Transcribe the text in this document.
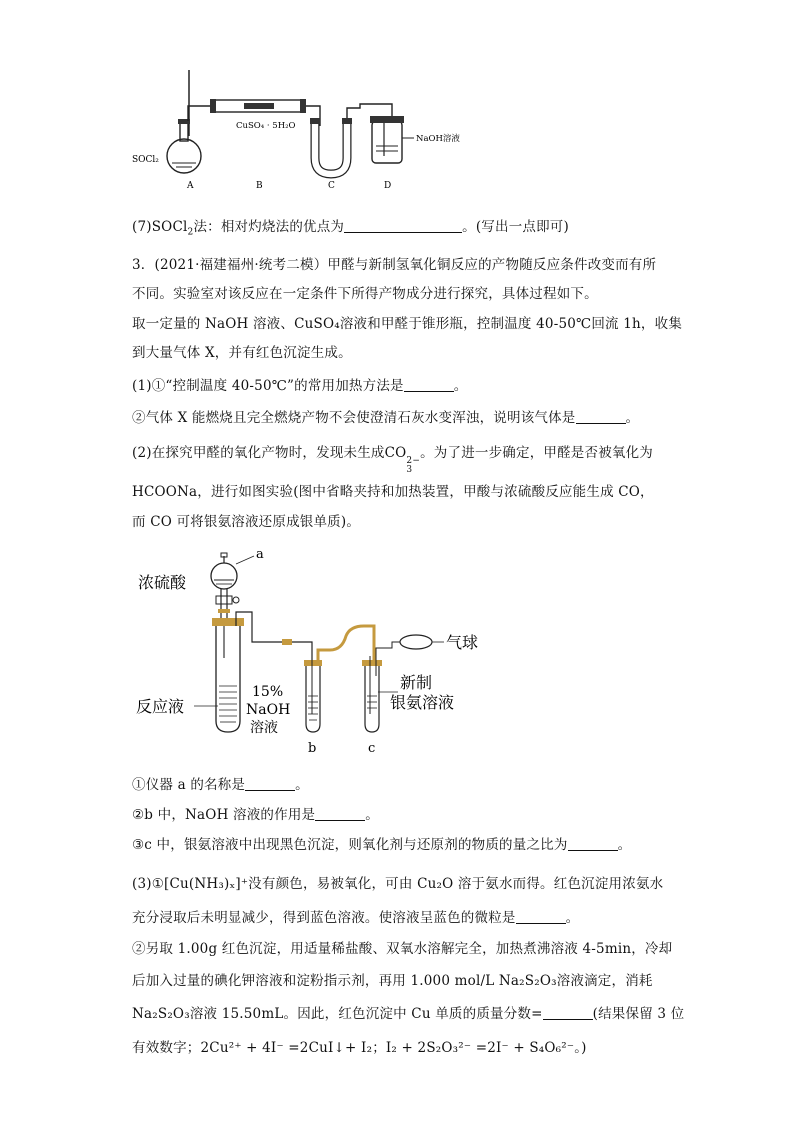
SOCl₂
CuSO₄ · 5H₂O
NaOH溶液
A	B	C	D
(7)SOCl$_2$法：相对灼烧法的优点为	。(写出一点即可)
3．(2021·福建福州·统考二模）甲醛与新制氢氧化铜反应的产物随反应条件改变而有所
不同。实验室对该反应在一定条件下所得产物成分进行探究，具体过程如下。
取一定量的 NaOH 溶液、CuSO₄溶液和甲醛于锥形瓶，控制温度 40-50℃回流 1h，收集
到大量气体 X，并有红色沉淀生成。
(1)①“控制温度 40-50℃”的常用加热方法是	。
②气体 X 能燃烧且完全燃烧产物不会使澄清石灰水变浑浊，说明该气体是	。
(2)在探究甲醛的氧化产物时，发现未生成CO 2−
3
。为了进一步确定，甲醛是否被氧化为
HCOONa，进行如图实验(图中省略夹持和加热装置，甲酸与浓硫酸反应能生成 CO，
而 CO 可将银氨溶液还原成银单质)。
a
浓硫酸
反应液
15%
NaOH
溶液
b
气球
新制
银氨溶液
c
①仪器 a 的名称是	。
②b 中，NaOH 溶液的作用是	。
③c 中，银氨溶液中出现黑色沉淀，则氧化剂与还原剂的物质的量之比为	。
(3)①[Cu(NH₃)ₓ]⁺没有颜色，易被氧化，可由 Cu₂O 溶于氨水而得。红色沉淀用浓氨水
充分浸取后未明显减少，得到蓝色溶液。使溶液呈蓝色的微粒是	。
②另取 1.00g 红色沉淀，用适量稀盐酸、双氧水溶解完全，加热煮沸溶液 4-5min，冷却
后加入过量的碘化钾溶液和淀粉指示剂，再用 1.000 mol/L Na₂S₂O₃溶液滴定，消耗
Na₂S₂O₃溶液 15.50mL。因此，红色沉淀中 Cu 单质的质量分数=	(结果保留 3 位
有效数字；2Cu²⁺ + 4I⁻ =2CuI↓+ I₂；I₂ + 2S₂O₃²⁻ =2I⁻ + S₄O₆²⁻。)
